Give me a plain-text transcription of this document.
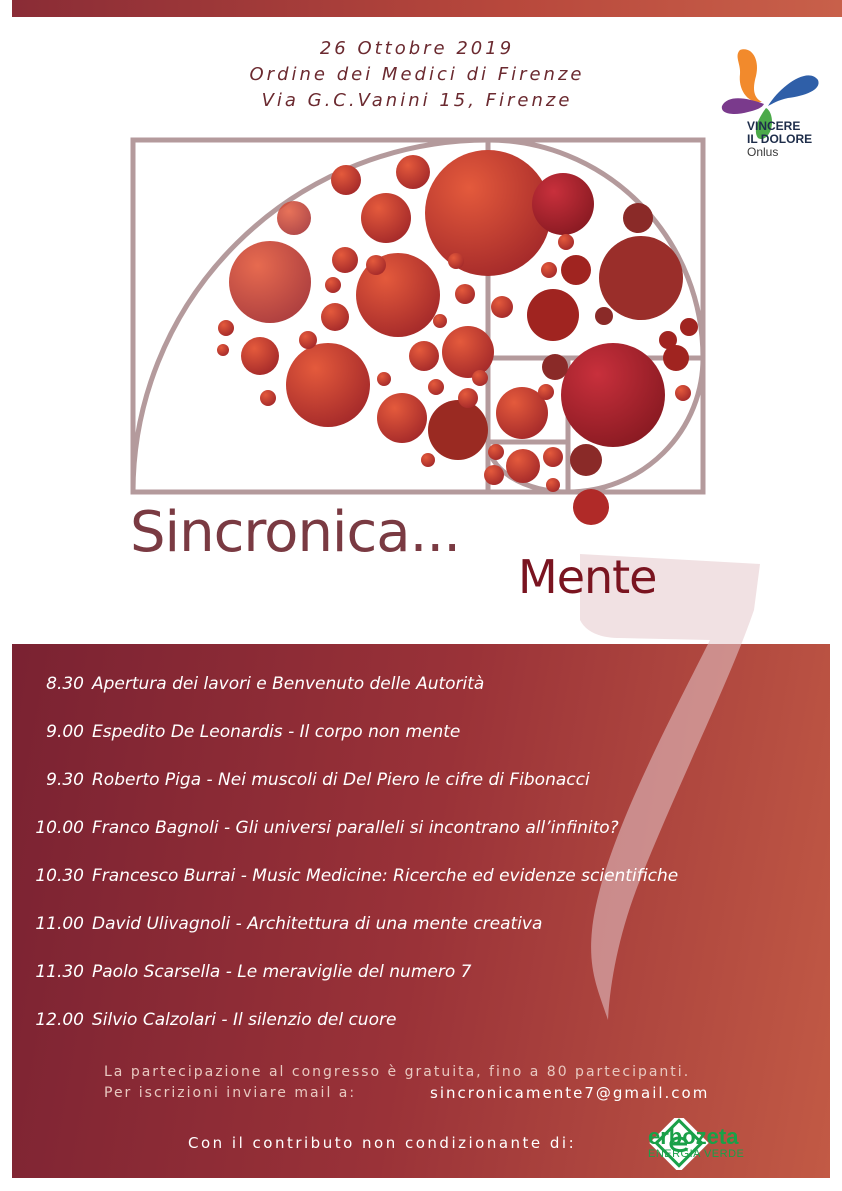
26 Ottobre 2019
Ordine dei Medici di Firenze
Via G.C.Vanini 15, Firenze
VINCERE
IL DOLORE
Onlus
Sincronica...
Mente
8.30 Apertura dei lavori e Benvenuto delle Autorità
9.00 Espedito De Leonardis - Il corpo non mente
9.30 Roberto Piga - Nei muscoli di Del Piero le cifre di Fibonacci
10.00 Franco Bagnoli - Gli universi paralleli si incontrano all’infinito?
10.30 Francesco Burrai - Music Medicine: Ricerche ed evidenze scientifiche
11.00 David Ulivagnoli - Architettura di una mente creativa
11.30 Paolo Scarsella - Le meraviglie del numero 7
12.00 Silvio Calzolari - Il silenzio del cuore
La partecipazione al congresso è gratuita, fino a 80 partecipanti.
Per iscrizioni inviare mail a:	sincronicamente7@gmail.com
Con il contributo non condizionante di:	erbozeta
ENERGIA VERDE
